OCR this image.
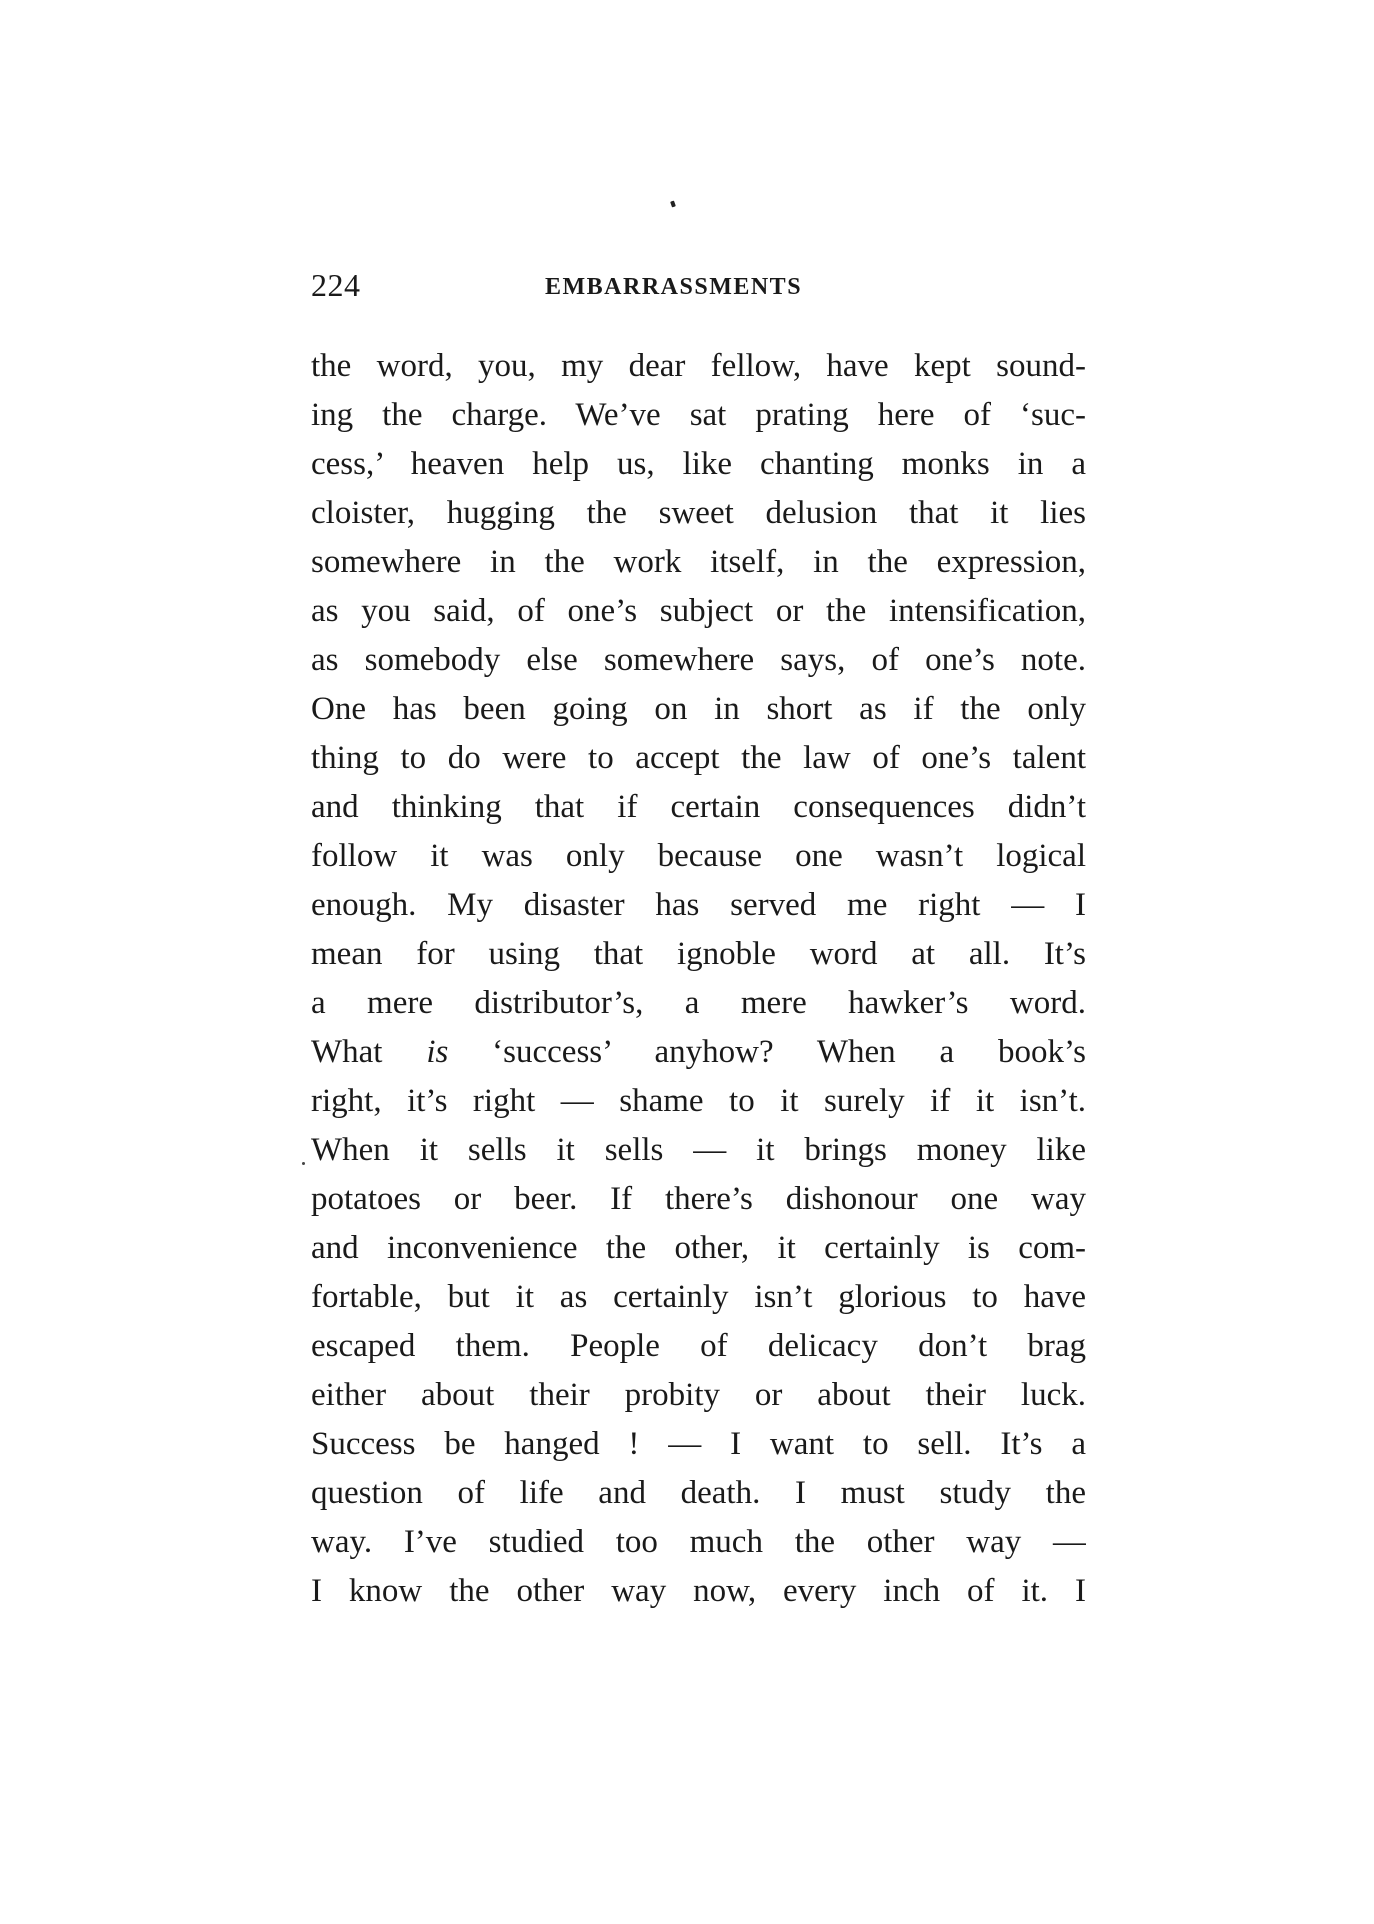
224	EMBARRASSMENTS
the word, you, my dear fellow, have kept sound-
ing the charge. We’ve sat prating here of ‘suc-
cess,’ heaven help us, like chanting monks in a
cloister, hugging the sweet delusion that it lies
somewhere in the work itself, in the expression,
as you said, of one’s subject or the intensification,
as somebody else somewhere says, of one’s note.
One has been going on in short as if the only
thing to do were to accept the law of one’s talent
and thinking that if certain consequences didn’t
follow it was only because one wasn’t logical
enough. My disaster has served me right — I
mean for using that ignoble word at all. It’s
a mere distributor’s, a mere hawker’s word.
What is ‘success’ anyhow? When a book’s
right, it’s right — shame to it surely if it isn’t.
When it sells it sells — it brings money like
potatoes or beer. If there’s dishonour one way
and inconvenience the other, it certainly is com-
fortable, but it as certainly isn’t glorious to have
escaped them. People of delicacy don’t brag
either about their probity or about their luck.
Success be hanged ! — I want to sell. It’s a
question of life and death. I must study the
way. I’ve studied too much the other way —
I know the other way now, every inch of it. I
